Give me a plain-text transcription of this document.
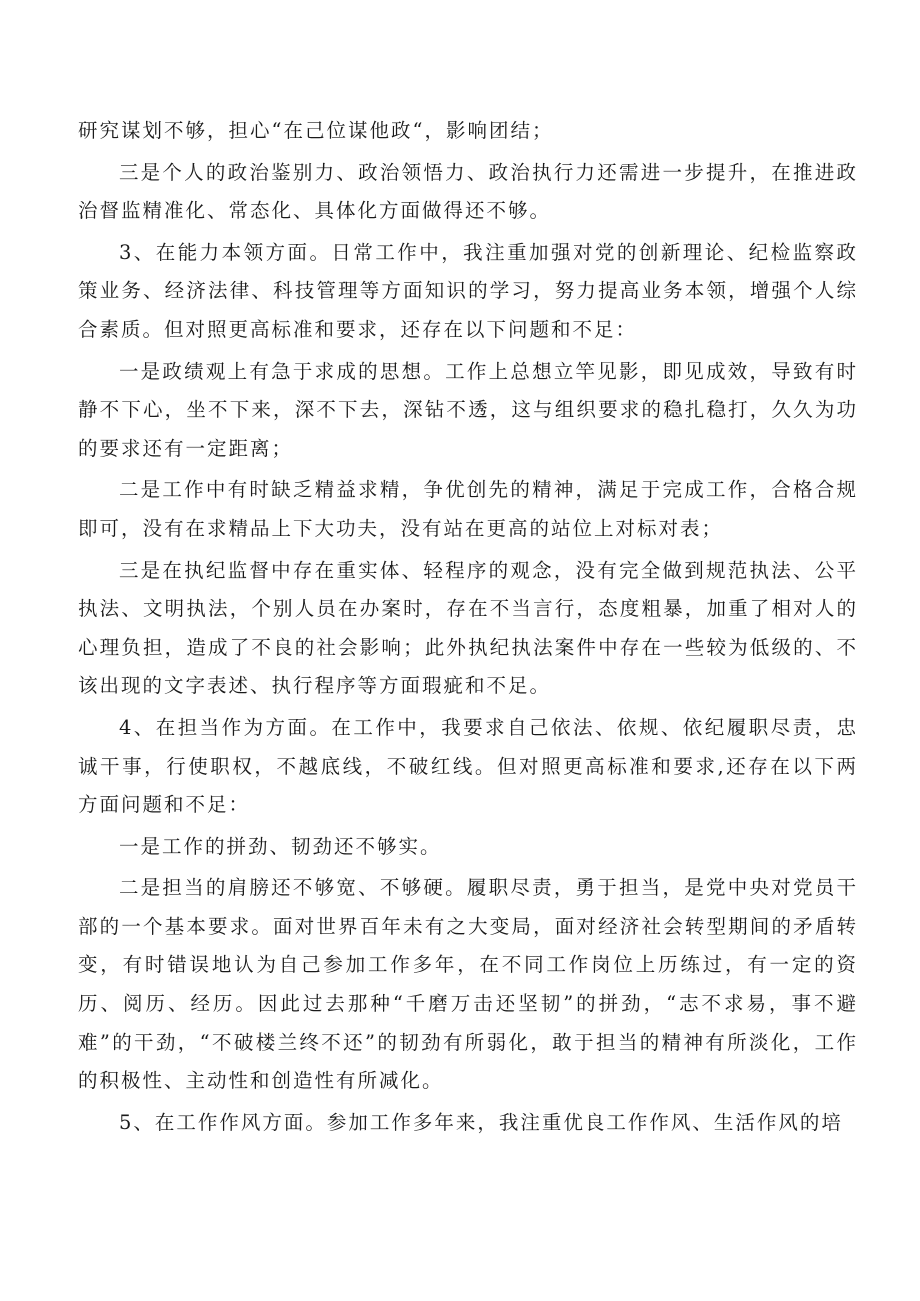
研究谋划不够，担心“在己位谋他政“，影响团结；

三是个人的政治鉴别力、政治领悟力、政治执行力还需进一步提升，在推进政治督监精准化、常态化、具体化方面做得还不够。

3、在能力本领方面。日常工作中，我注重加强对党的创新理论、纪检监察政策业务、经济法律、科技管理等方面知识的学习，努力提高业务本领，增强个人综合素质。但对照更高标准和要求，还存在以下问题和不足：

一是政绩观上有急于求成的思想。工作上总想立竿见影，即见成效，导致有时静不下心，坐不下来，深不下去，深钻不透，这与组织要求的稳扎稳打，久久为功的要求还有一定距离；

二是工作中有时缺乏精益求精，争优创先的精神，满足于完成工作，合格合规即可，没有在求精品上下大功夫，没有站在更高的站位上对标对表；

三是在执纪监督中存在重实体、轻程序的观念，没有完全做到规范执法、公平执法、文明执法，个别人员在办案时，存在不当言行，态度粗暴，加重了相对人的心理负担，造成了不良的社会影响；此外执纪执法案件中存在一些较为低级的、不该出现的文字表述、执行程序等方面瑕疵和不足。

4、在担当作为方面。在工作中，我要求自己依法、依规、依纪履职尽责，忠诚干事，行使职权，不越底线，不破红线。但对照更高标准和要求,还存在以下两方面问题和不足：

一是工作的拼劲、韧劲还不够实。

二是担当的肩膀还不够宽、不够硬。履职尽责，勇于担当，是党中央对党员干部的一个基本要求。面对世界百年未有之大变局，面对经济社会转型期间的矛盾转变，有时错误地认为自己参加工作多年，在不同工作岗位上历练过，有一定的资历、阅历、经历。因此过去那种“千磨万击还坚韧”的拼劲，“志不求易，事不避难”的干劲，“不破楼兰终不还”的韧劲有所弱化，敢于担当的精神有所淡化，工作的积极性、主动性和创造性有所减化。

5、在工作作风方面。参加工作多年来，我注重优良工作作风、生活作风的培
